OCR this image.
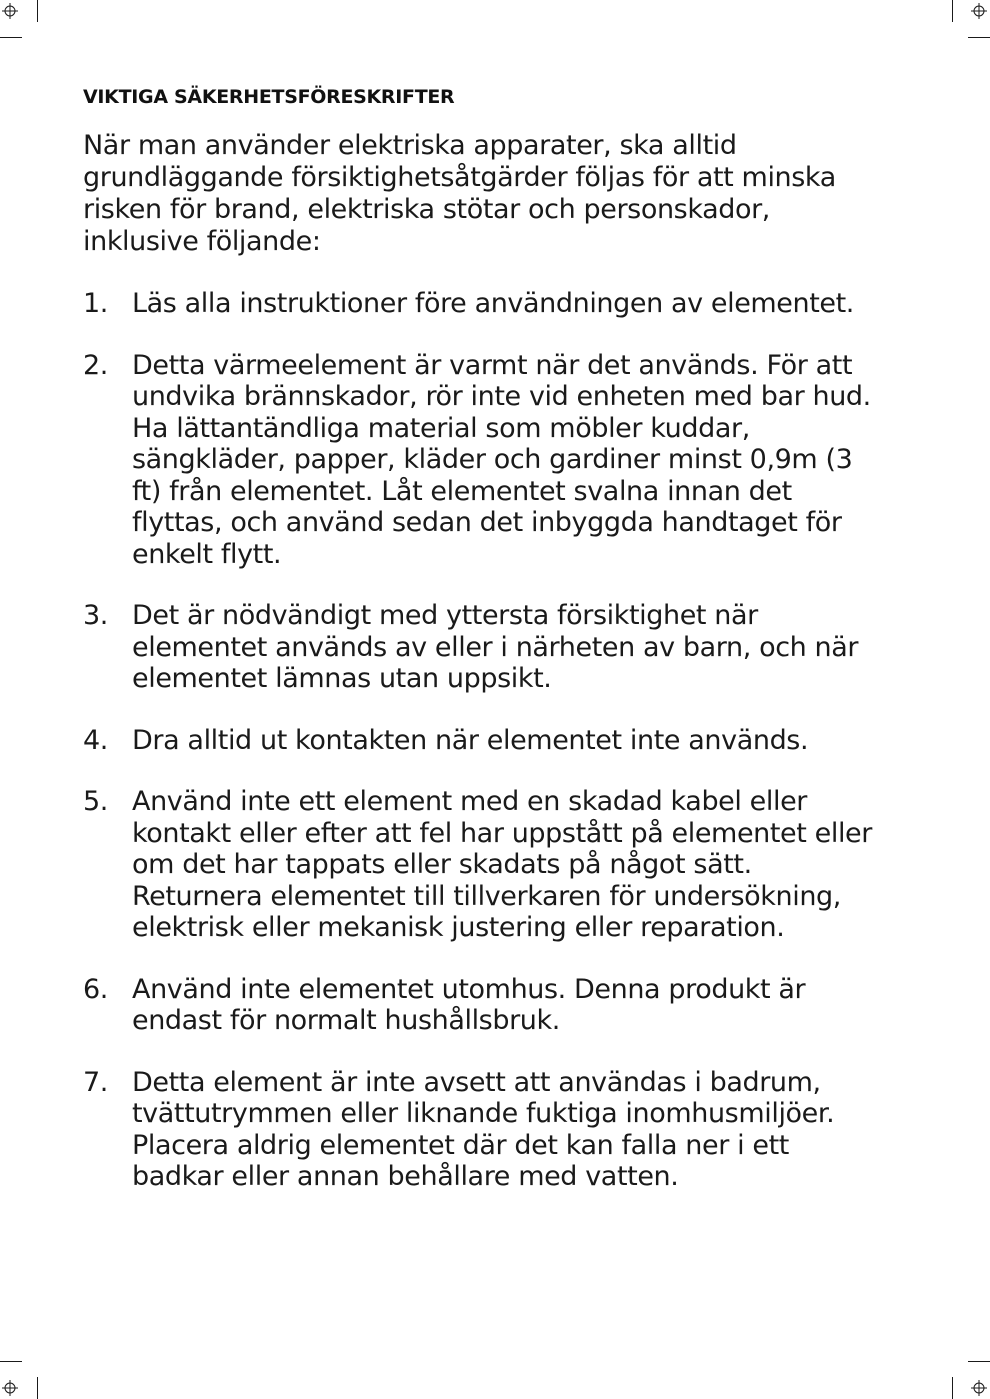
VIKTIGA SÄKERHETSFÖRESKRIFTER
När man använder elektriska apparater, ska alltid
grundläggande försiktighetsåtgärder följas för att minska
risken för brand, elektriska stötar och personskador,
inklusive följande:
1. Läs alla instruktioner före användningen av elementet.
2. Detta värmeelement är varmt när det används. För att
undvika brännskador, rör inte vid enheten med bar hud.
Ha lättantändliga material som möbler kuddar,
sängkläder, papper, kläder och gardiner minst 0,9m (3
ft) från elementet. Låt elementet svalna innan det
flyttas, och använd sedan det inbyggda handtaget för
enkelt flytt.
3. Det är nödvändigt med yttersta försiktighet när
elementet används av eller i närheten av barn, och när
elementet lämnas utan uppsikt.
4. Dra alltid ut kontakten när elementet inte används.
5. Använd inte ett element med en skadad kabel eller
kontakt eller efter att fel har uppstått på elementet eller
om det har tappats eller skadats på något sätt.
Returnera elementet till tillverkaren för undersökning,
elektrisk eller mekanisk justering eller reparation.
6. Använd inte elementet utomhus. Denna produkt är
endast för normalt hushållsbruk.
7. Detta element är inte avsett att användas i badrum,
tvättutrymmen eller liknande fuktiga inomhusmiljöer.
Placera aldrig elementet där det kan falla ner i ett
badkar eller annan behållare med vatten.
